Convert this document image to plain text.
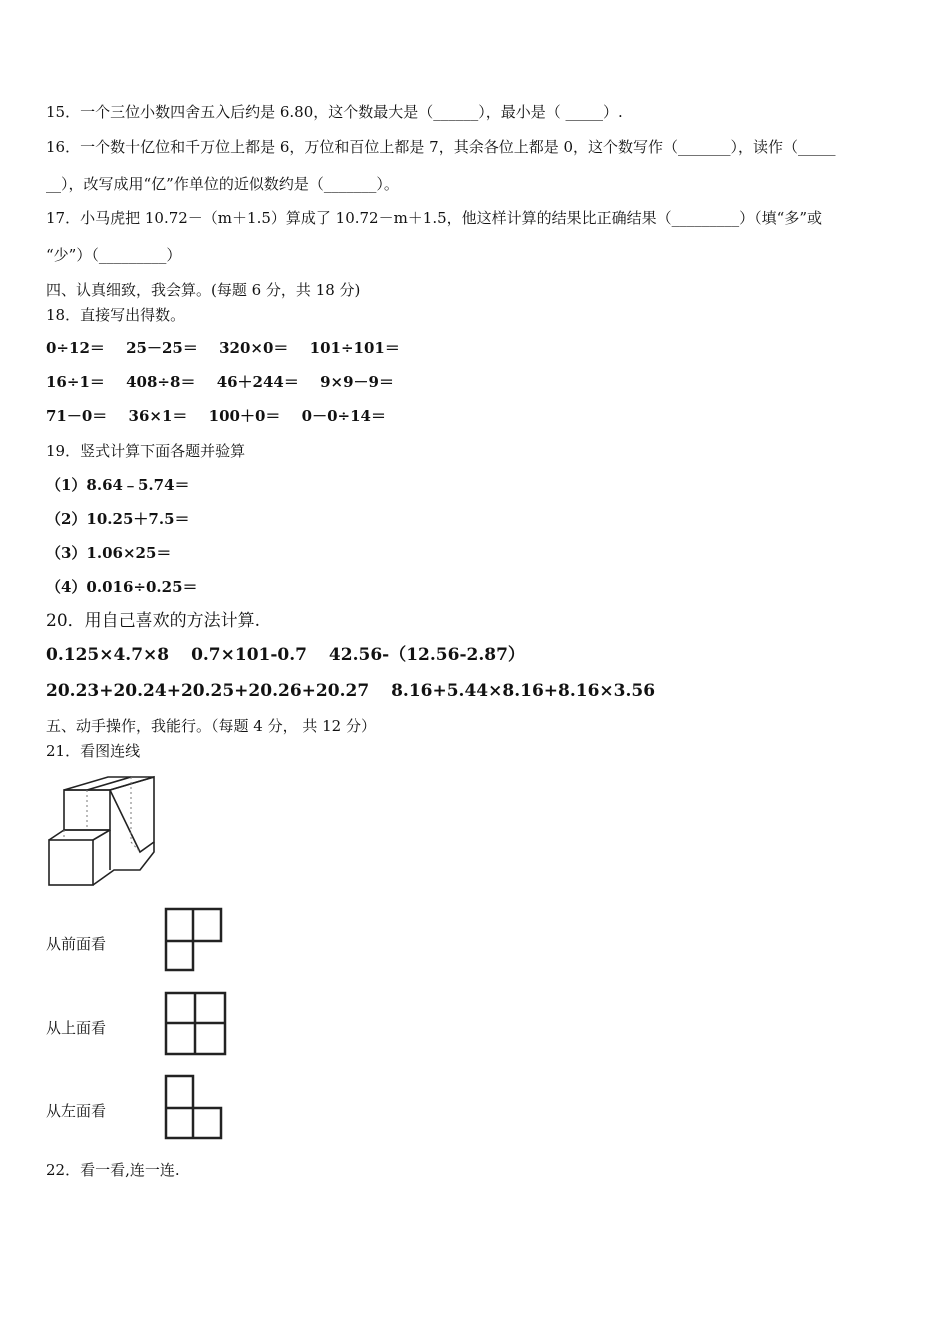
15．一个三位小数四舍五入后约是 6.80，这个数最大是（______），最小是（ _____）.
16．一个数十亿位和千万位上都是 6，万位和百位上都是 7，其余各位上都是 0，这个数写作（_______），读作（_____
__），改写成用“亿”作单位的近似数约是（_______）。
17．小马虎把 10.72－（m＋1.5）算成了 10.72－m＋1.5，他这样计算的结果比正确结果（_________）（填“多”或
“少”）（_________）
四、认真细致，我会算。(每题 6 分，共 18 分)
18．直接写出得数。
0÷12＝ 25－25＝ 320×0＝ 101÷101＝
16÷1＝ 408÷8＝ 46＋244＝ 9×9－9＝
71－0＝ 36×1＝ 100＋0＝ 0－0÷14＝
19．竖式计算下面各题并验算
（1）8.64﹣5.74＝
（2）10.25＋7.5＝
（3）1.06×25＝
（4）0.016÷0.25＝
20．用自己喜欢的方法计算.
0.125×4.7×8 0.7×101-0.7 42.56-（12.56-2.87）
20.23+20.24+20.25+20.26+20.27 8.16+5.44×8.16+8.16×3.56
五、动手操作，我能行。（每题 4 分， 共 12 分）
21．看图连线
从前面看
从上面看
从左面看
22．看一看,连一连.
